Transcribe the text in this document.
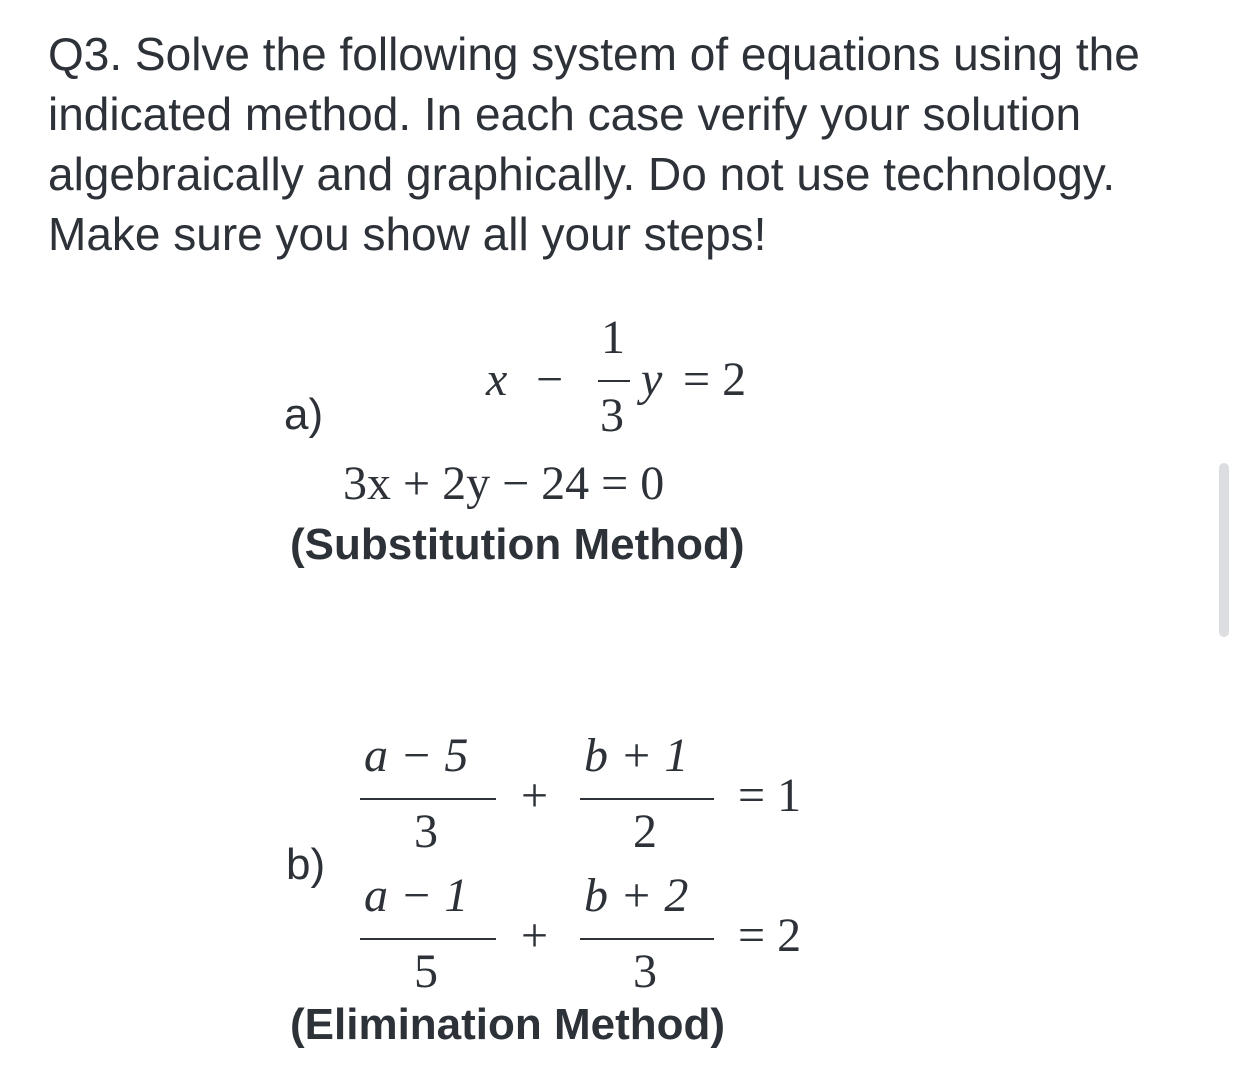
Q3. Solve the following system of equations using the indicated method. In each case verify your solution algebraically and graphically. Do not use technology. Make sure you show all your steps!
a)
x −
1
3
y = 2
3x + 2y − 24 = 0
(Substitution Method)
b)
a − 5
3
+
b + 1
2
= 1
a − 1
5
+
b + 2
3
= 2
(Elimination Method)
